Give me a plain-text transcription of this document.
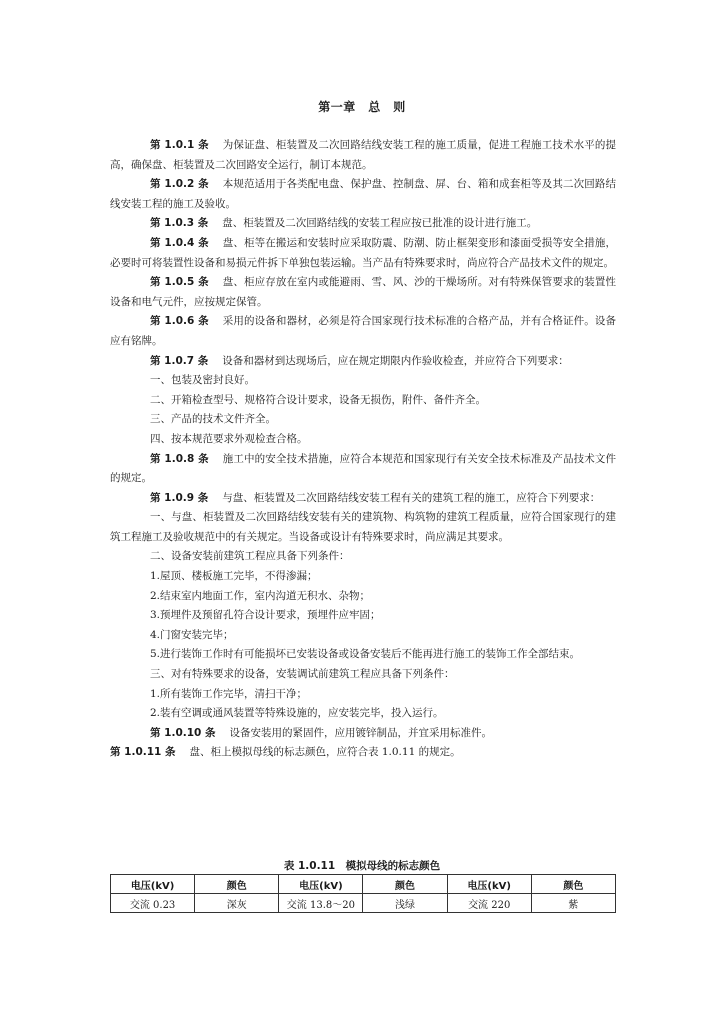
第一章　总　则

第 1.0.1 条 为保证盘、柜装置及二次回路结线安装工程的施工质量，促进工程施工技术水平的提高，确保盘、柜装置及二次回路安全运行，制订本规范。

第 1.0.2 条 本规范适用于各类配电盘、保护盘、控制盘、屏、台、箱和成套柜等及其二次回路结线安装工程的施工及验收。

第 1.0.3 条 盘、柜装置及二次回路结线的安装工程应按已批准的设计进行施工。

第 1.0.4 条 盘、柜等在搬运和安装时应采取防震、防潮、防止框架变形和漆面受损等安全措施，必要时可将装置性设备和易损元件拆下单独包装运输。当产品有特殊要求时，尚应符合产品技术文件的规定。

第 1.0.5 条 盘、柜应存放在室内或能避雨、雪、风、沙的干燥场所。对有特殊保管要求的装置性设备和电气元件，应按规定保管。

第 1.0.6 条 采用的设备和器材，必须是符合国家现行技术标准的合格产品，并有合格证件。设备应有铭牌。

第 1.0.7 条 设备和器材到达现场后，应在规定期限内作验收检查，并应符合下列要求：

一、包装及密封良好。

二、开箱检查型号、规格符合设计要求，设备无损伤，附件、备件齐全。

三、产品的技术文件齐全。

四、按本规范要求外观检查合格。

第 1.0.8 条 施工中的安全技术措施，应符合本规范和国家现行有关安全技术标准及产品技术文件的规定。

第 1.0.9 条 与盘、柜装置及二次回路结线安装工程有关的建筑工程的施工，应符合下列要求：

一、与盘、柜装置及二次回路结线安装有关的建筑物、构筑物的建筑工程质量，应符合国家现行的建筑工程施工及验收规范中的有关规定。当设备或设计有特殊要求时，尚应满足其要求。

二、设备安装前建筑工程应具备下列条件：

1.屋顶、楼板施工完毕，不得渗漏；

2.结束室内地面工作，室内沟道无积水、杂物；

3.预埋件及预留孔符合设计要求，预埋件应牢固；

4.门窗安装完毕；

5.进行装饰工作时有可能损坏已安装设备或设备安装后不能再进行施工的装饰工作全部结束。

三、对有特殊要求的设备，安装调试前建筑工程应具备下列条件：

1.所有装饰工作完毕，清扫干净；

2.装有空调或通风装置等特殊设施的，应安装完毕，投入运行。

第 1.0.10 条 设备安装用的紧固件，应用镀锌制品，并宜采用标准件。

第 1.0.11 条 盘、柜上模拟母线的标志颜色，应符合表 1.0.11 的规定。

表 1.0.11　模拟母线的标志颜色
电压(kV)	颜色	电压(kV)	颜色	电压(kV)	颜色
交流 0.23	深灰	交流 13.8～20	浅绿	交流 220	紫
